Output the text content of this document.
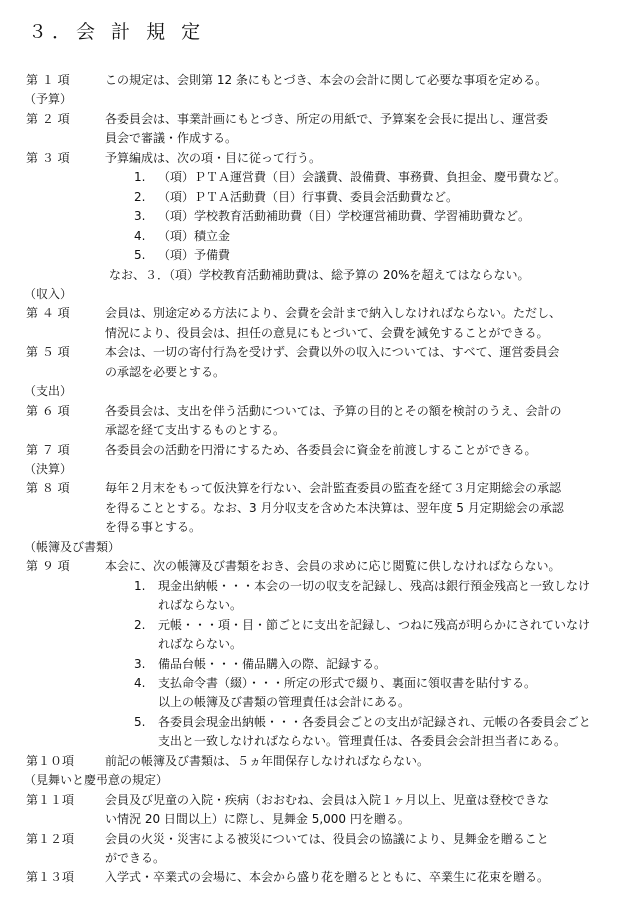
３．会 計 規 定
第 １ 項	この規定は、会則第 12 条にもとづき、本会の会計に関して必要な事項を定める。
（予算）
第 ２ 項	各委員会は、事業計画にもとづき、所定の用紙で、予算案を会長に提出し、運営委
員会で審議・作成する。
第 ３ 項	予算編成は、次の項・目に従って行う。
1. （項）ＰＴＡ運営費（目）会議費、設備費、事務費、負担金、慶弔費など。
2. （項）ＰＴＡ活動費（目）行事費、委員会活動費など。
3. （項）学校教育活動補助費（目）学校運営補助費、学習補助費など。
4. （項）積立金
5. （項）予備費
なお、３．（項）学校教育活動補助費は、総予算の 20%を超えてはならない。
（収入）
第 ４ 項	会員は、別途定める方法により、会費を会計まで納入しなければならない。ただし、
情況により、役員会は、担任の意見にもとづいて、会費を減免することができる。
第 ５ 項	本会は、一切の寄付行為を受けず、会費以外の収入については、すべて、運営委員会
の承認を必要とする。
（支出）
第 ６ 項	各委員会は、支出を伴う活動については、予算の目的とその額を検討のうえ、会計の
承認を経て支出するものとする。
第 ７ 項	各委員会の活動を円滑にするため、各委員会に資金を前渡しすることができる。
（決算）
第 ８ 項	毎年２月末をもって仮決算を行ない、会計監査委員の監査を経て３月定期総会の承認
を得ることとする。なお、3 月分収支を含めた本決算は、翌年度 5 月定期総会の承認
を得る事とする。
（帳簿及び書類）
第 ９ 項	本会に、次の帳簿及び書類をおき、会員の求めに応じ閲覧に供しなければならない。
1. 現金出納帳・・・本会の一切の収支を記録し、残高は銀行預金残高と一致しなけ
ればならない。
2. 元帳・・・項・目・節ごとに支出を記録し、つねに残高が明らかにされていなけ
ればならない。
3. 備品台帳・・・備品購入の際、記録する。
4. 支払命令書（綴）・・・所定の形式で綴り、裏面に領収書を貼付する。
以上の帳簿及び書類の管理責任は会計にある。
5. 各委員会現金出納帳・・・各委員会ごとの支出が記録され、元帳の各委員会ごと
支出と一致しなければならない。管理責任は、各委員会会計担当者にある。
第１０項	前記の帳簿及び書類は、５ヵ年間保存しなければならない。
（見舞いと慶弔意の規定）
第１１項	会員及び児童の入院・疾病（おおむね、会員は入院１ヶ月以上、児童は登校できな
い情況 20 日間以上）に際し、見舞金 5,000 円を贈る。
第１２項	会員の火災・災害による被災については、役員会の協議により、見舞金を贈ること
ができる。
第１３項	入学式・卒業式の会場に、本会から盛り花を贈るとともに、卒業生に花束を贈る。
